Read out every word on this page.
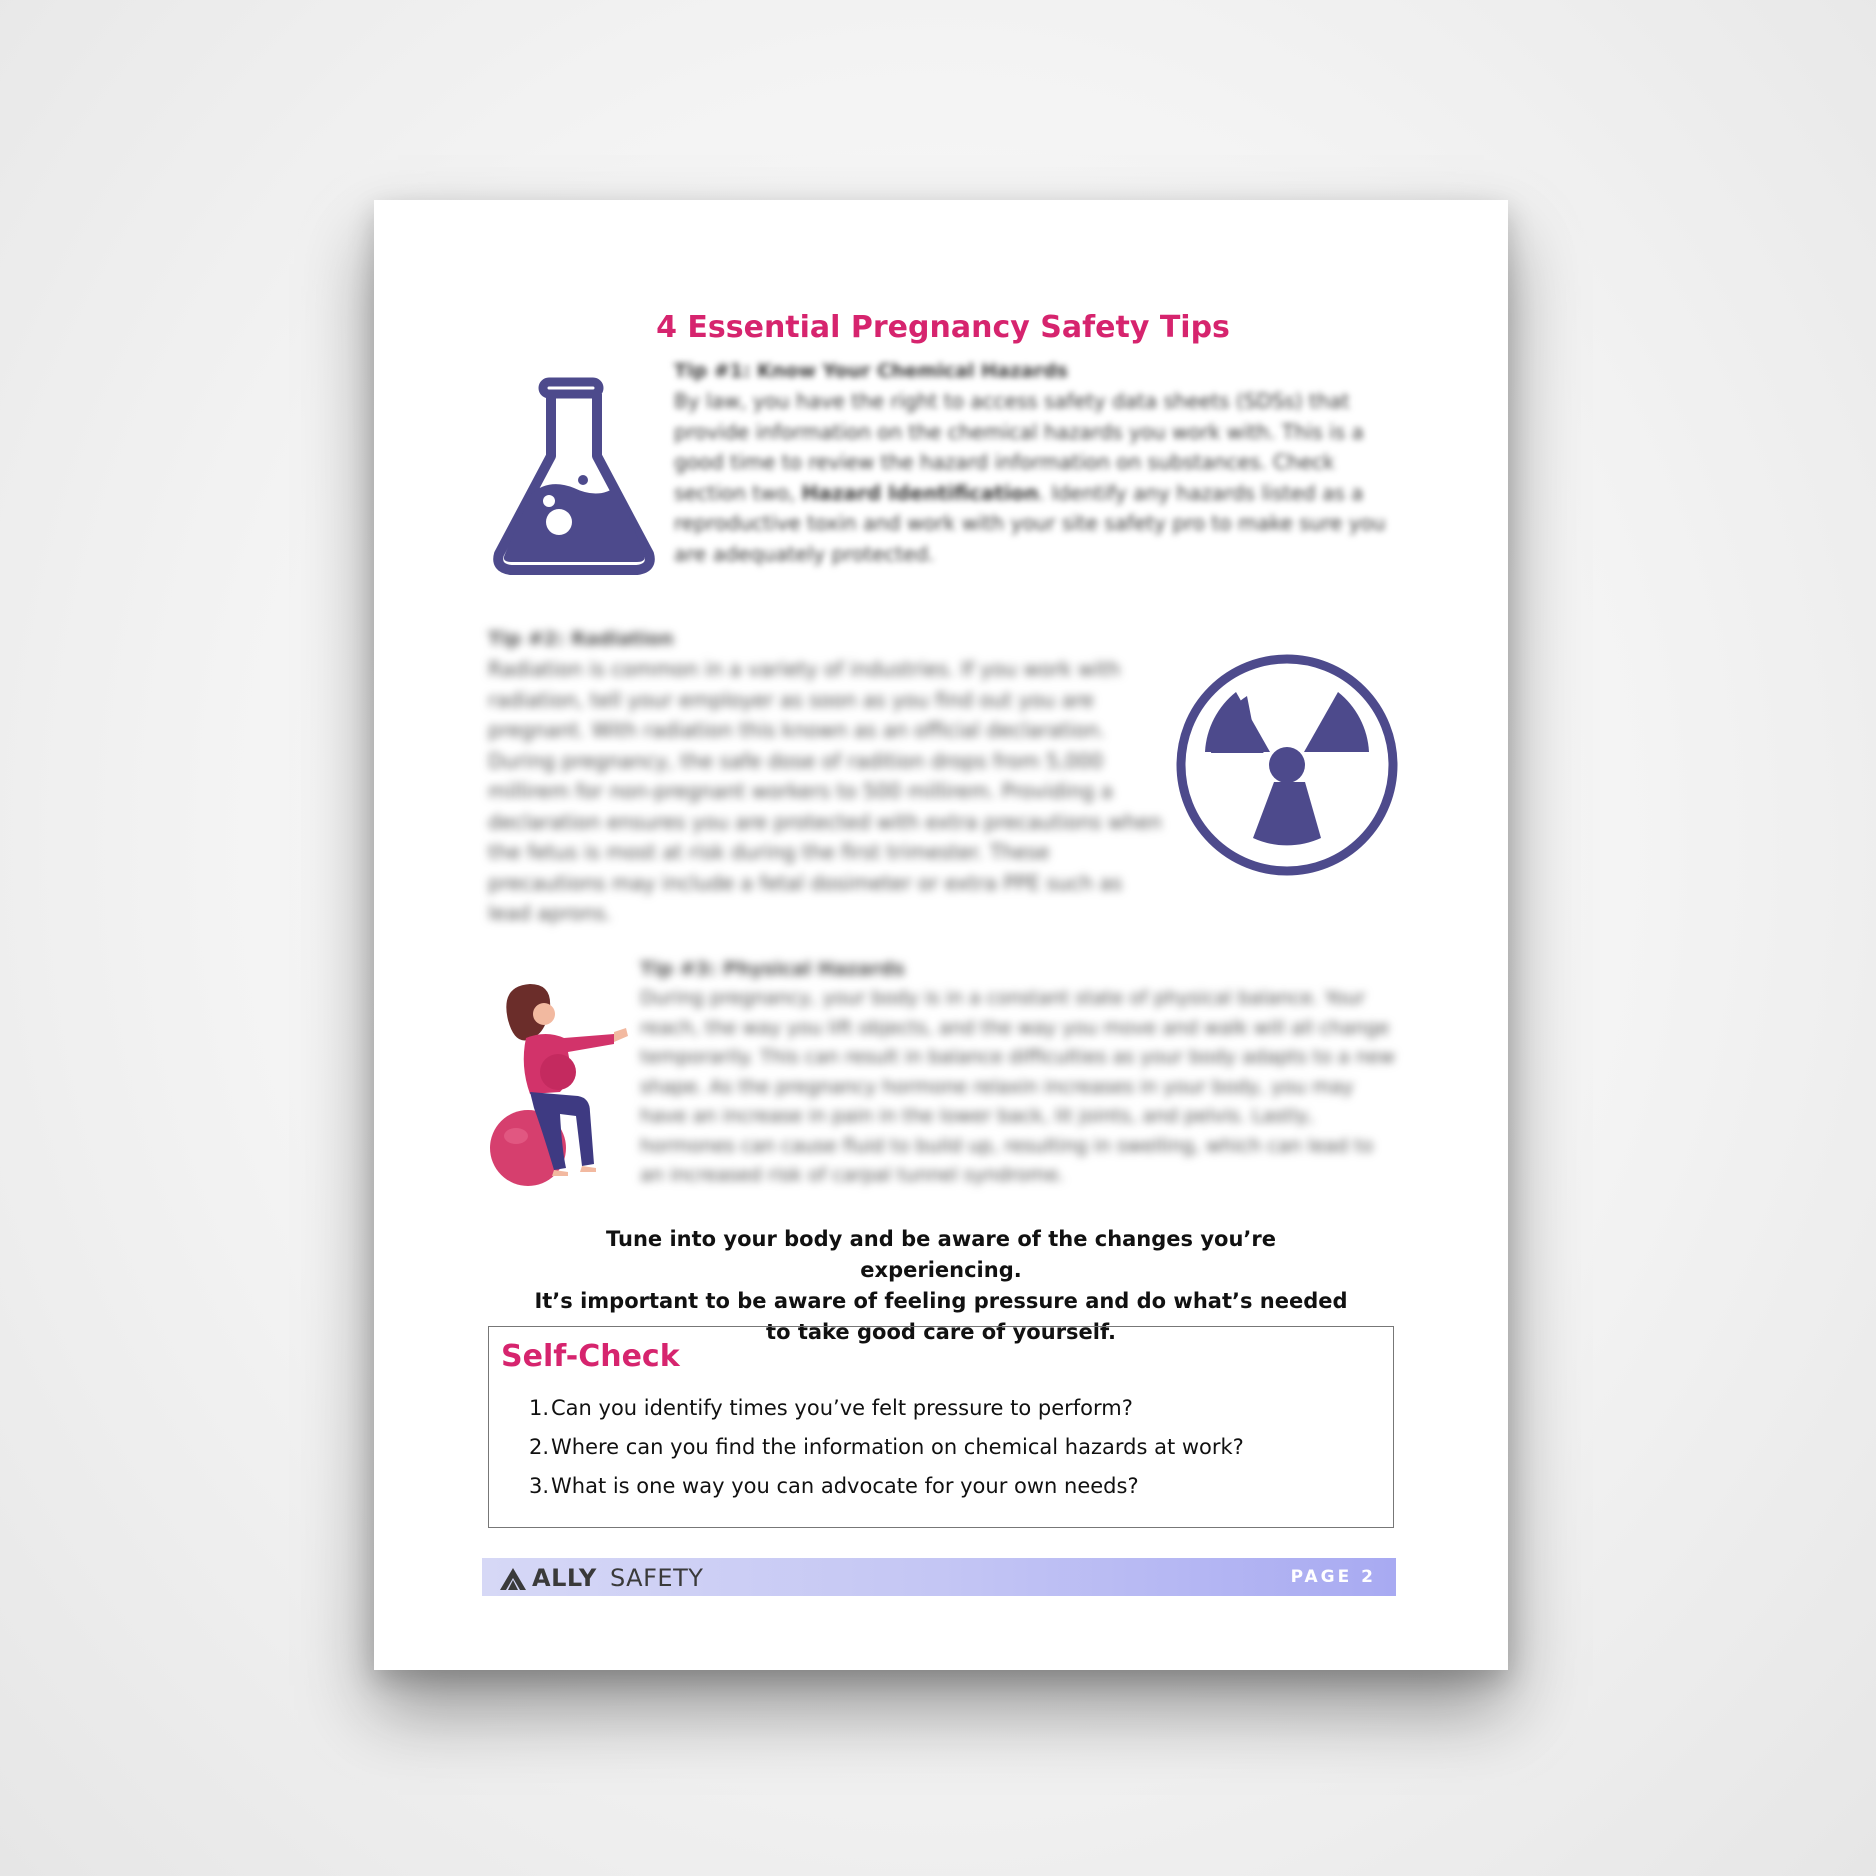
4 Essential Pregnancy Safety Tips
Tip #1: Know Your Chemical Hazards
By law, you have the right to access safety data sheets (SDSs) that provide information on the chemical hazards you work with. This is a good time to review the hazard information on substances. Check section two, Hazard Identification. Identify any hazards listed as a reproductive toxin and work with your site safety pro to make sure you are adequately protected.
Tip #2: Radiation
Radiation is common in a variety of industries. If you work with radiation, tell your employer as soon as you find out you are pregnant. With radiation this known as an official declaration. During pregnancy, the safe dose of radition drops from 5,000 millirem for non-pregnant workers to 500 millirem. Providing a declaration ensures you are protected with extra precautions when the fetus is most at risk during the first trimester. These precautions may include a fetal dosimeter or extra PPE such as lead aprons.
Tip #3: Physical Hazards
During pregnancy, your body is in a constant state of physical balance. Your reach, the way you lift objects, and the way you move and walk will all change temporarily. This can result in balance difficulties as your body adapts to a new shape. As the pregnancy hormone relaxin increases in your body, you may have an increase in pain in the lower back, lit joints, and pelvis. Lastly, hormones can cause fluid to build up, resulting in swelling, which can lead to an increased risk of carpal tunnel syndrome.
Tune into your body and be aware of the changes you’re experiencing.
It’s important to be aware of feeling pressure and do what’s needed
to take good care of yourself.
Self-Check
1. Can you identify times you’ve felt pressure to perform?
2. Where can you find the information on chemical hazards at work?
3. What is one way you can advocate for your own needs?
ALLY SAFETY	PAGE 2
